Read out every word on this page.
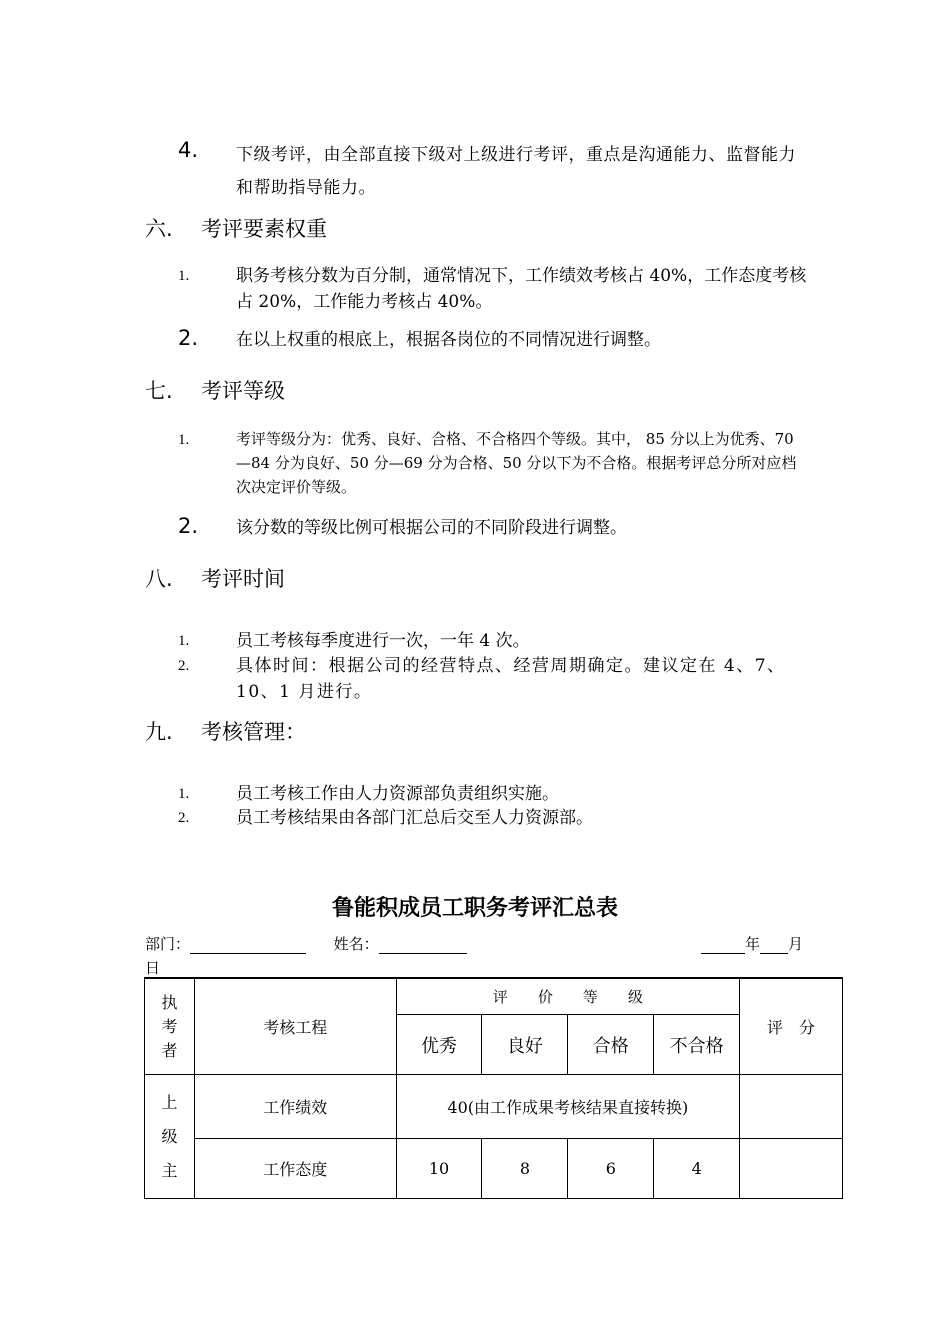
4. 下级考评，由全部直接下级对上级进行考评，重点是沟通能力、监督能力和帮助指导能力。
六. 考评要素权重
1.	职务考核分数为百分制，通常情况下，工作绩效考核占 40%，工作态度考核占 20%，工作能力考核占 40%。
2. 在以上权重的根底上，根据各岗位的不同情况进行调整。
七. 考评等级
1.	考评等级分为：优秀、良好、合格、不合格四个等级。其中， 85 分以上为优秀、70—84 分为良好、50 分—69 分为合格、50 分以下为不合格。根据考评总分所对应档次决定评价等级。
2. 该分数的等级比例可根据公司的不同阶段进行调整。
八. 考评时间
1.	员工考核每季度进行一次，一年 4 次。
2.	具体时间：根据公司的经营特点、经营周期确定。建议定在 4、7、10、1 月进行。
九. 考核管理：
1.	员工考核工作由人力资源部负责组织实施。
2.	员工考核结果由各部门汇总后交至人力资源部。
鲁能积成员工职务考评汇总表
部门：	姓名：	年 月
日
执
考
者	考核工程	评　　价　　等　　级				评　分
		优秀	良好	合格	不合格	

上
级
主	工作绩效	40(由工作成果考核结果直接转换)				
	工作态度	10	8	6	4	
